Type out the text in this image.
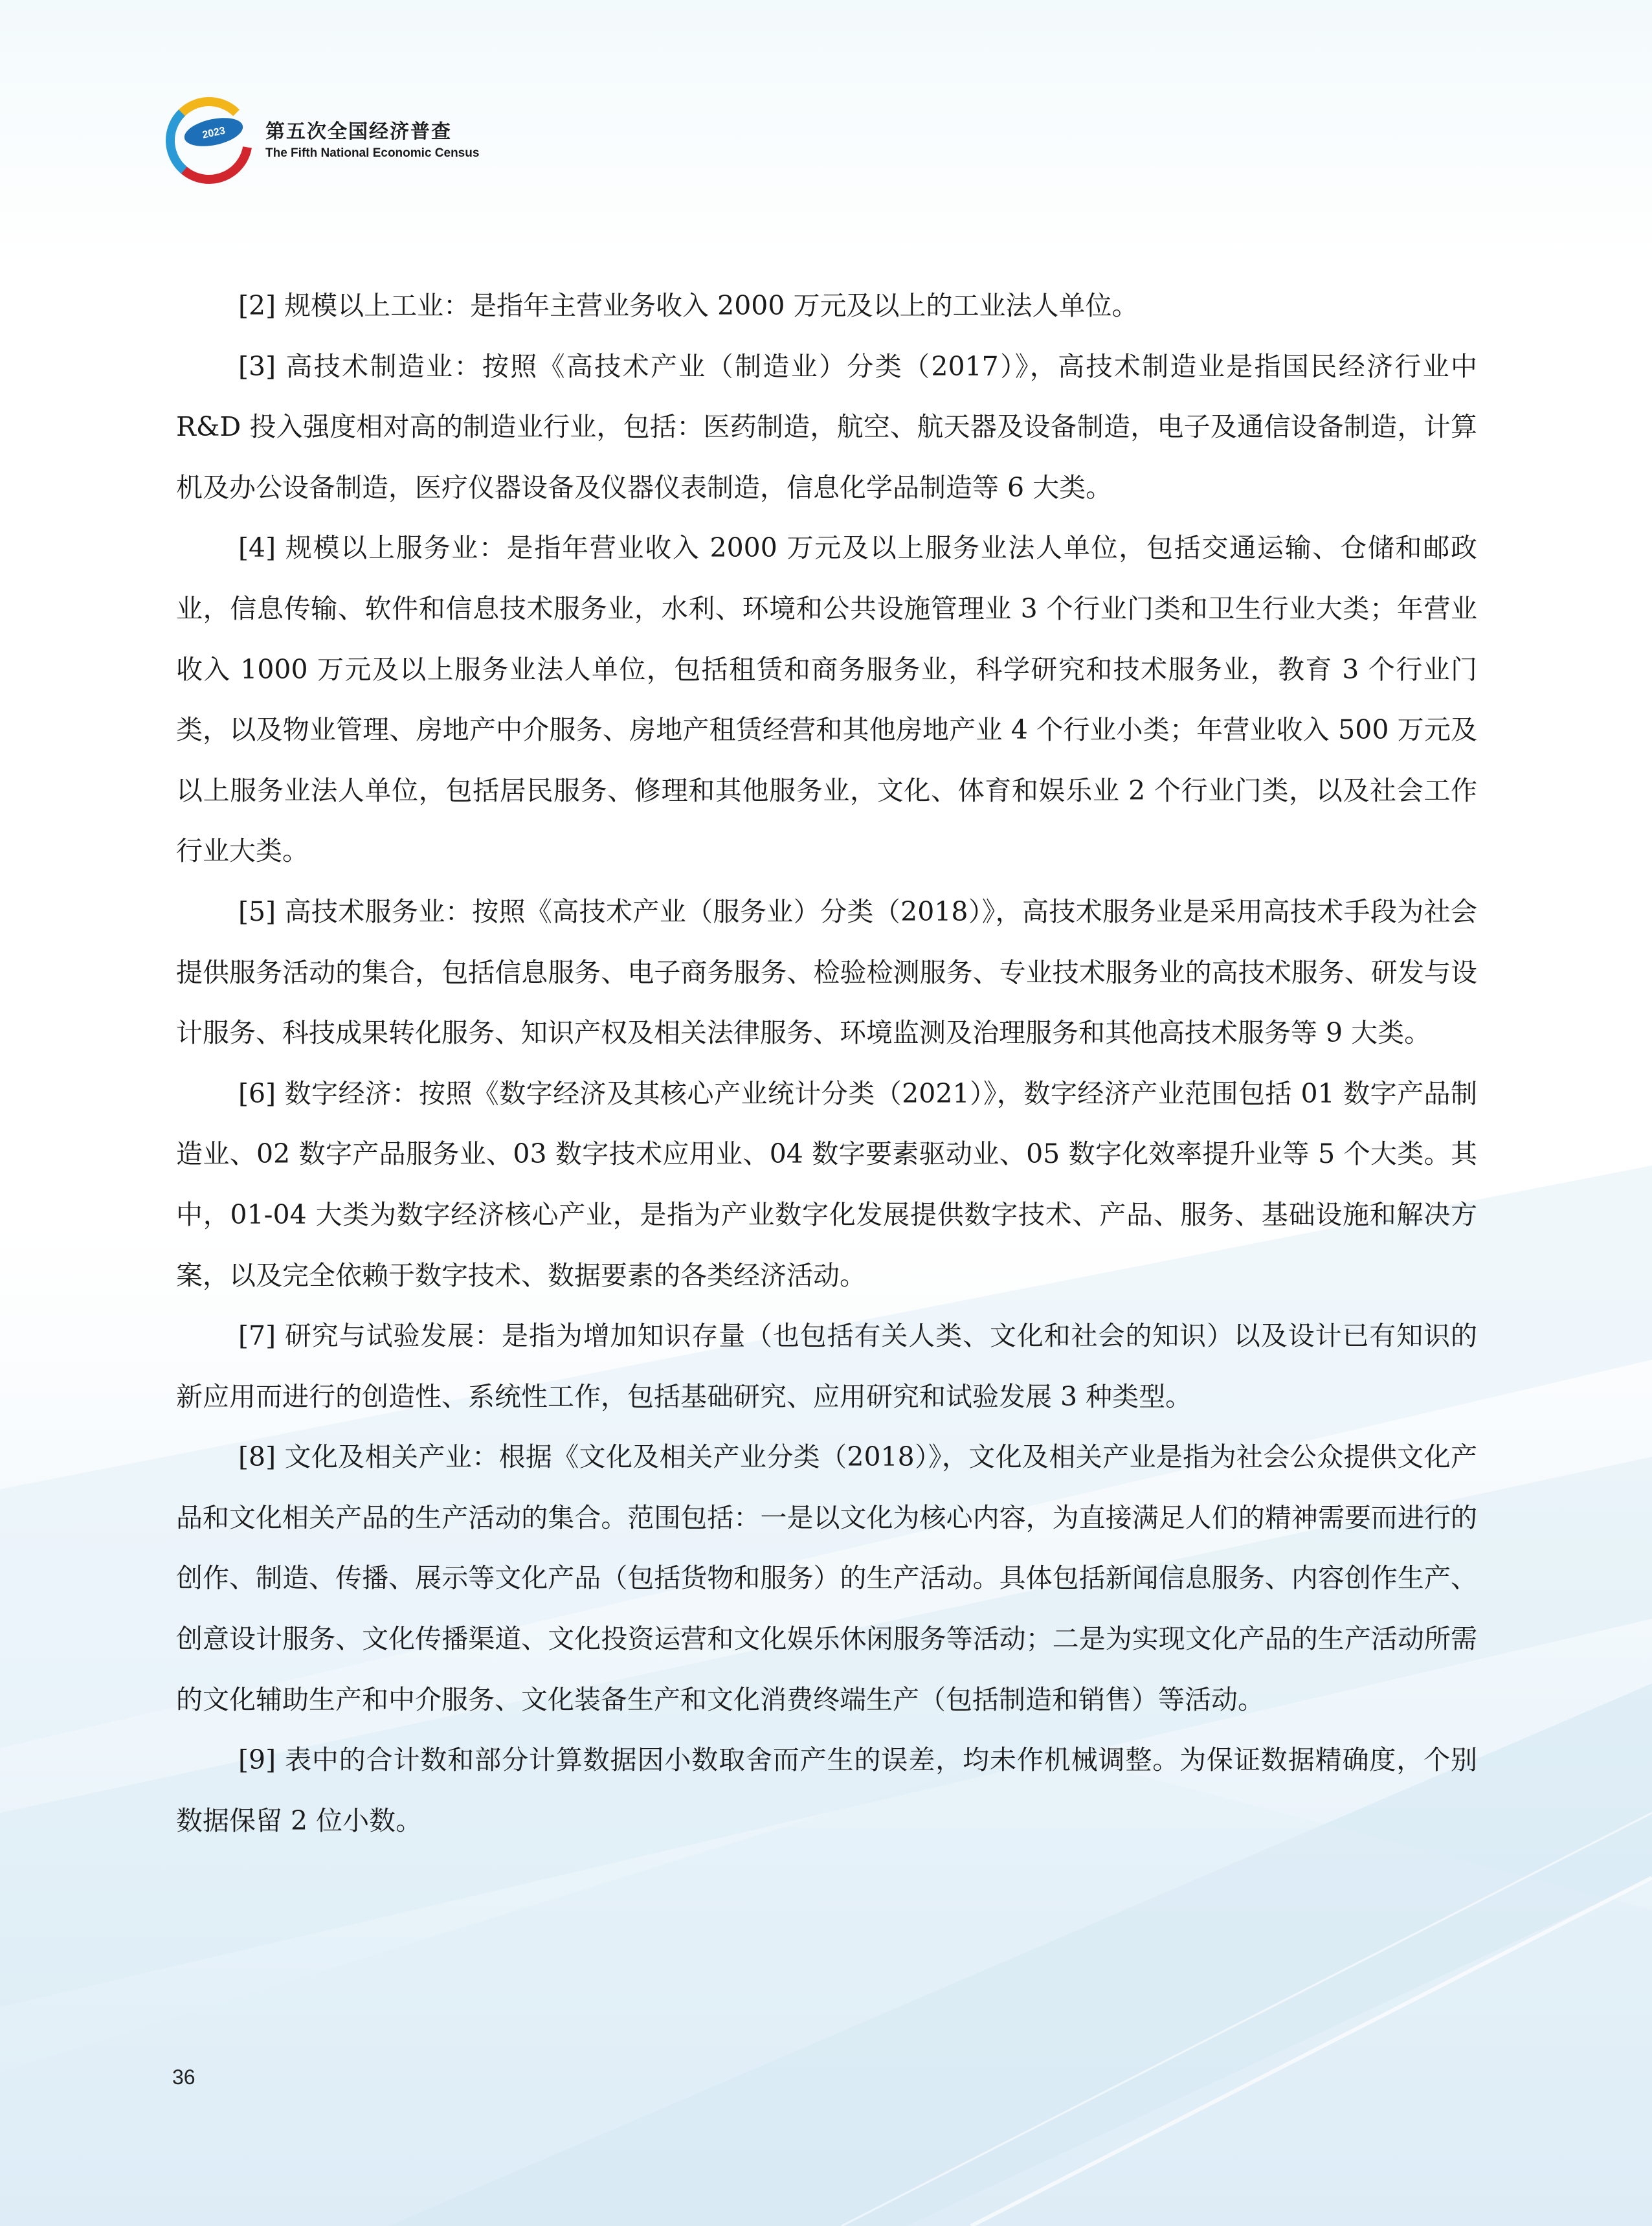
2023 第五次全国经济普查
The Fifth National Economic Census

[2] 规模以上工业：是指年主营业务收入 2000 万元及以上的工业法人单位。

[3] 高技术制造业：按照《高技术产业（制造业）分类（2017）》，高技术制造业是指国民经济行业中 R&D 投入强度相对高的制造业行业，包括：医药制造，航空、航天器及设备制造，电子及通信设备制造，计算机及办公设备制造，医疗仪器设备及仪器仪表制造，信息化学品制造等 6 大类。

[4] 规模以上服务业：是指年营业收入 2000 万元及以上服务业法人单位，包括交通运输、仓储和邮政业，信息传输、软件和信息技术服务业，水利、环境和公共设施管理业 3 个行业门类和卫生行业大类；年营业收入 1000 万元及以上服务业法人单位，包括租赁和商务服务业，科学研究和技术服务业，教育 3 个行业门类，以及物业管理、房地产中介服务、房地产租赁经营和其他房地产业 4 个行业小类；年营业收入 500 万元及以上服务业法人单位，包括居民服务、修理和其他服务业，文化、体育和娱乐业 2 个行业门类，以及社会工作行业大类。

[5] 高技术服务业：按照《高技术产业（服务业）分类（2018）》，高技术服务业是采用高技术手段为社会提供服务活动的集合，包括信息服务、电子商务服务、检验检测服务、专业技术服务业的高技术服务、研发与设计服务、科技成果转化服务、知识产权及相关法律服务、环境监测及治理服务和其他高技术服务等 9 大类。

[6] 数字经济：按照《数字经济及其核心产业统计分类（2021）》，数字经济产业范围包括 01 数字产品制造业、02 数字产品服务业、03 数字技术应用业、04 数字要素驱动业、05 数字化效率提升业等 5 个大类。其中，01-04 大类为数字经济核心产业，是指为产业数字化发展提供数字技术、产品、服务、基础设施和解决方案，以及完全依赖于数字技术、数据要素的各类经济活动。

[7] 研究与试验发展：是指为增加知识存量（也包括有关人类、文化和社会的知识）以及设计已有知识的新应用而进行的创造性、系统性工作，包括基础研究、应用研究和试验发展 3 种类型。

[8] 文化及相关产业：根据《文化及相关产业分类（2018）》，文化及相关产业是指为社会公众提供文化产品和文化相关产品的生产活动的集合。范围包括：一是以文化为核心内容，为直接满足人们的精神需要而进行的创作、制造、传播、展示等文化产品（包括货物和服务）的生产活动。具体包括新闻信息服务、内容创作生产、创意设计服务、文化传播渠道、文化投资运营和文化娱乐休闲服务等活动；二是为实现文化产品的生产活动所需的文化辅助生产和中介服务、文化装备生产和文化消费终端生产（包括制造和销售）等活动。

[9] 表中的合计数和部分计算数据因小数取舍而产生的误差，均未作机械调整。为保证数据精确度，个别数据保留 2 位小数。

36
